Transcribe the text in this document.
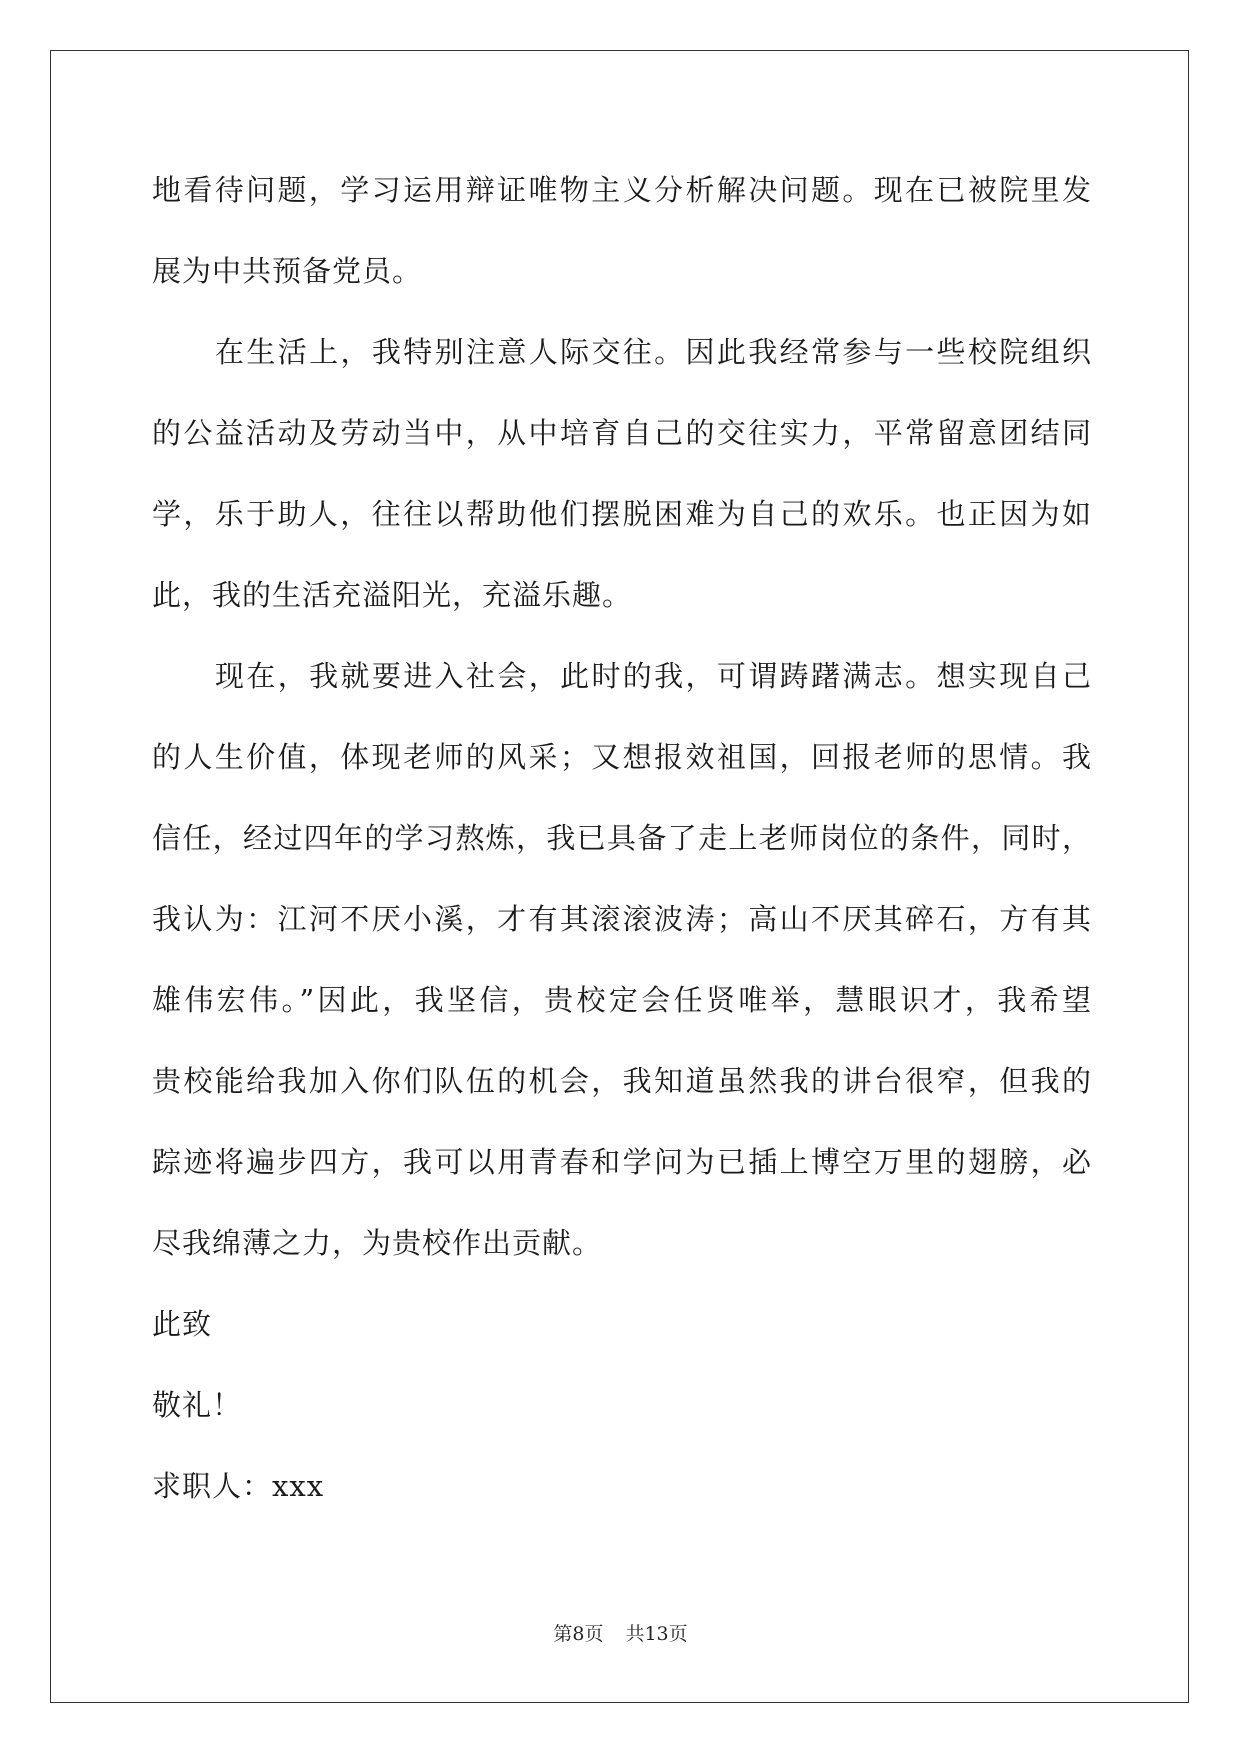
地看待问题，学习运用辩证唯物主义分析解决问题。现在已被院里发
展为中共预备党员。
在生活上，我特别注意人际交往。因此我经常参与一些校院组织
的公益活动及劳动当中，从中培育自己的交往实力，平常留意团结同
学，乐于助人，往往以帮助他们摆脱困难为自己的欢乐。也正因为如
此，我的生活充溢阳光，充溢乐趣。
现在，我就要进入社会，此时的我，可谓踌躇满志。想实现自己
的人生价值，体现老师的风采；又想报效祖国，回报老师的思情。我
信任，经过四年的学习熬炼，我已具备了走上老师岗位的条件，同时，
我认为：江河不厌小溪，才有其滚滚波涛；高山不厌其碎石，方有其
雄伟宏伟。”因此，我坚信，贵校定会任贤唯举，慧眼识才，我希望
贵校能给我加入你们队伍的机会，我知道虽然我的讲台很窄，但我的
踪迹将遍步四方，我可以用青春和学问为已插上博空万里的翅膀，必
尽我绵薄之力，为贵校作出贡献。
此致
敬礼！
求职人：xxx
第8页 共13页
